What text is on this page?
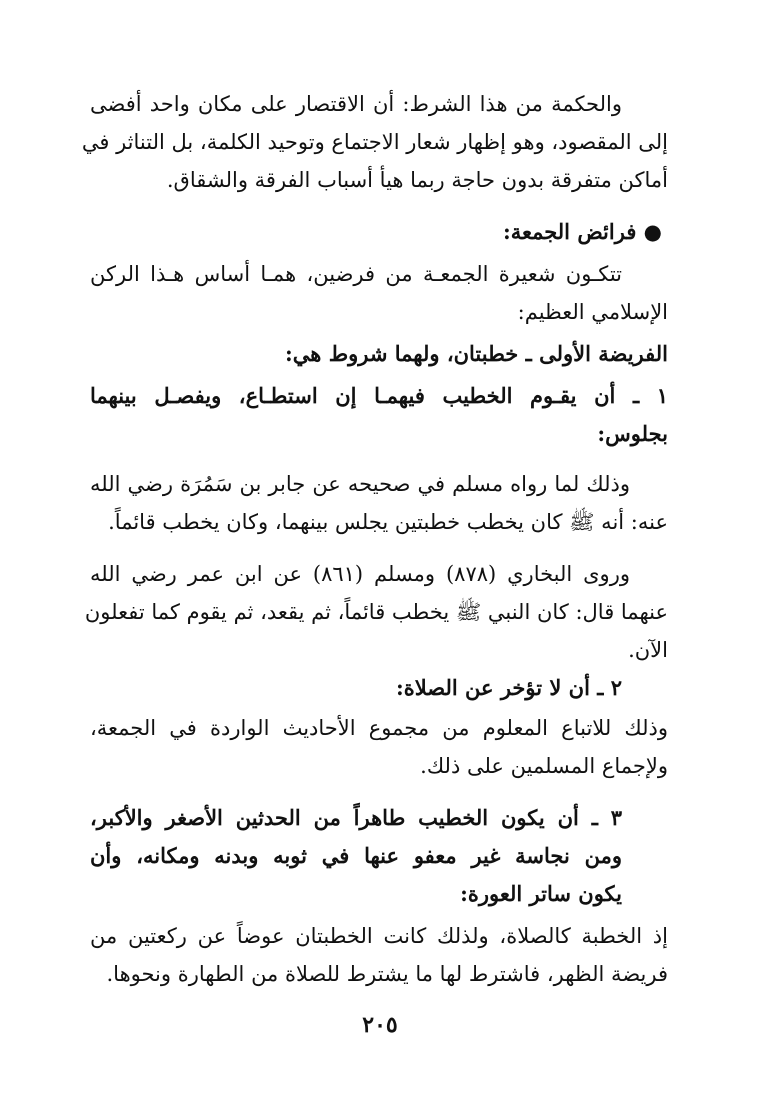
والحكمة من هذا الشرط: أن الاقتصار على مكان واحد أفضى
إلى المقصود، وهو إظهار شعار الاجتماع وتوحيد الكلمة، بل التناثر في
أماكن متفرقة بدون حاجة ربما هيأ أسباب الفرقة والشقاق.
● فرائض الجمعة:
تتكـون شعيرة الجمعـة من فرضين، همـا أساس هـذا الركن
الإسلامي العظيم:
الفريضة الأولى ـ خطبتان، ولهما شروط هي:
١ ـ أن يقـوم الخطيب فيهمـا إن استطـاع، ويفصـل بينهما
بجلوس:
وذلك لما رواه مسلم في صحيحه عن جابر بن سَمُرَة رضي الله
عنه: أنه ﷺ كان يخطب خطبتين يجلس بينهما، وكان يخطب قائماً.
وروى البخاري (٨٧٨) ومسلم (٨٦١) عن ابن عمر رضي الله
عنهما قال: كان النبي ﷺ يخطب قائماً، ثم يقعد، ثم يقوم كما تفعلون
الآن.
٢ ـ أن لا تؤخر عن الصلاة:
وذلك للاتباع المعلوم من مجموع الأحاديث الواردة في الجمعة،
ولإجماع المسلمين على ذلك.
٣ ـ أن يكون الخطيب طاهراً من الحدثين الأصغر والأكبر،
ومن نجاسة غير معفو عنها في ثوبه وبدنه ومكانه، وأن
يكون ساتر العورة:
إذ الخطبة كالصلاة، ولذلك كانت الخطبتان عوضاً عن ركعتين من
فريضة الظهر، فاشترط لها ما يشترط للصلاة من الطهارة ونحوها.
٢٠٥
